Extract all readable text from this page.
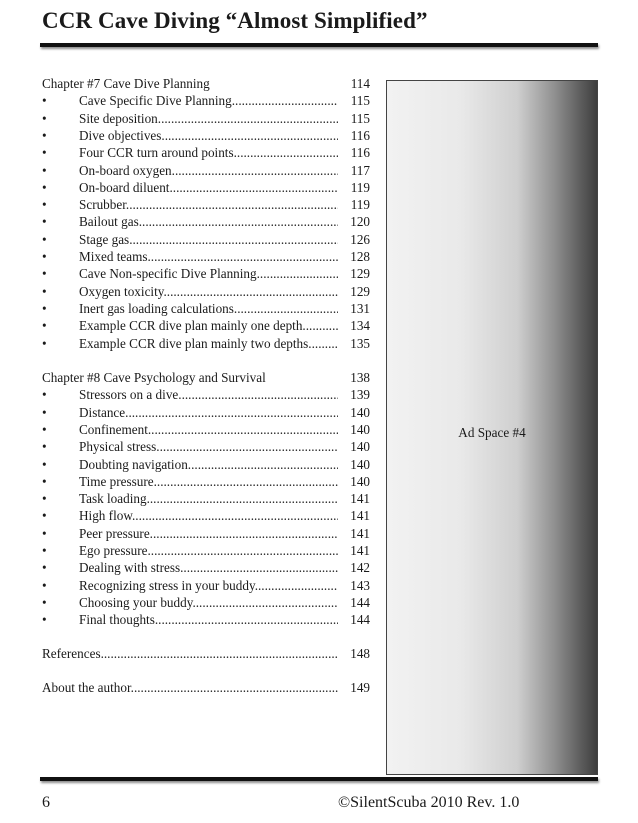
CCR Cave Diving “Almost Simplified”
Chapter #7 Cave Dive Planning	114
• Cave Specific Dive Planning .....	115
• Site deposition .....	115
• Dive objectives .....	116
• Four CCR turn around points .....	116
• On-board oxygen .....	117
• On-board diluent .....	119
• Scrubber .....	119
• Bailout gas .....	120
• Stage gas .....	126
• Mixed teams .....	128
• Cave Non-specific Dive Planning .....	129
• Oxygen toxicity .....	129
• Inert gas loading calculations .....	131
• Example CCR dive plan mainly one depth .....	134
• Example CCR dive plan mainly two depths .....	135
Chapter #8 Cave Psychology and Survival	138
• Stressors on a dive .....	139
• Distance .....	140
• Confinement .....	140
• Physical stress .....	140
• Doubting navigation .....	140
• Time pressure .....	140
• Task loading .....	141
• High flow .....	141
• Peer pressure .....	141
• Ego pressure .....	141
• Dealing with stress .....	142
• Recognizing stress in your buddy .....	143
• Choosing your buddy .....	144
• Final thoughts .....	144
References .....	148
About the author .....	149
Ad Space #4
6	©SilentScuba 2010 Rev. 1.0
